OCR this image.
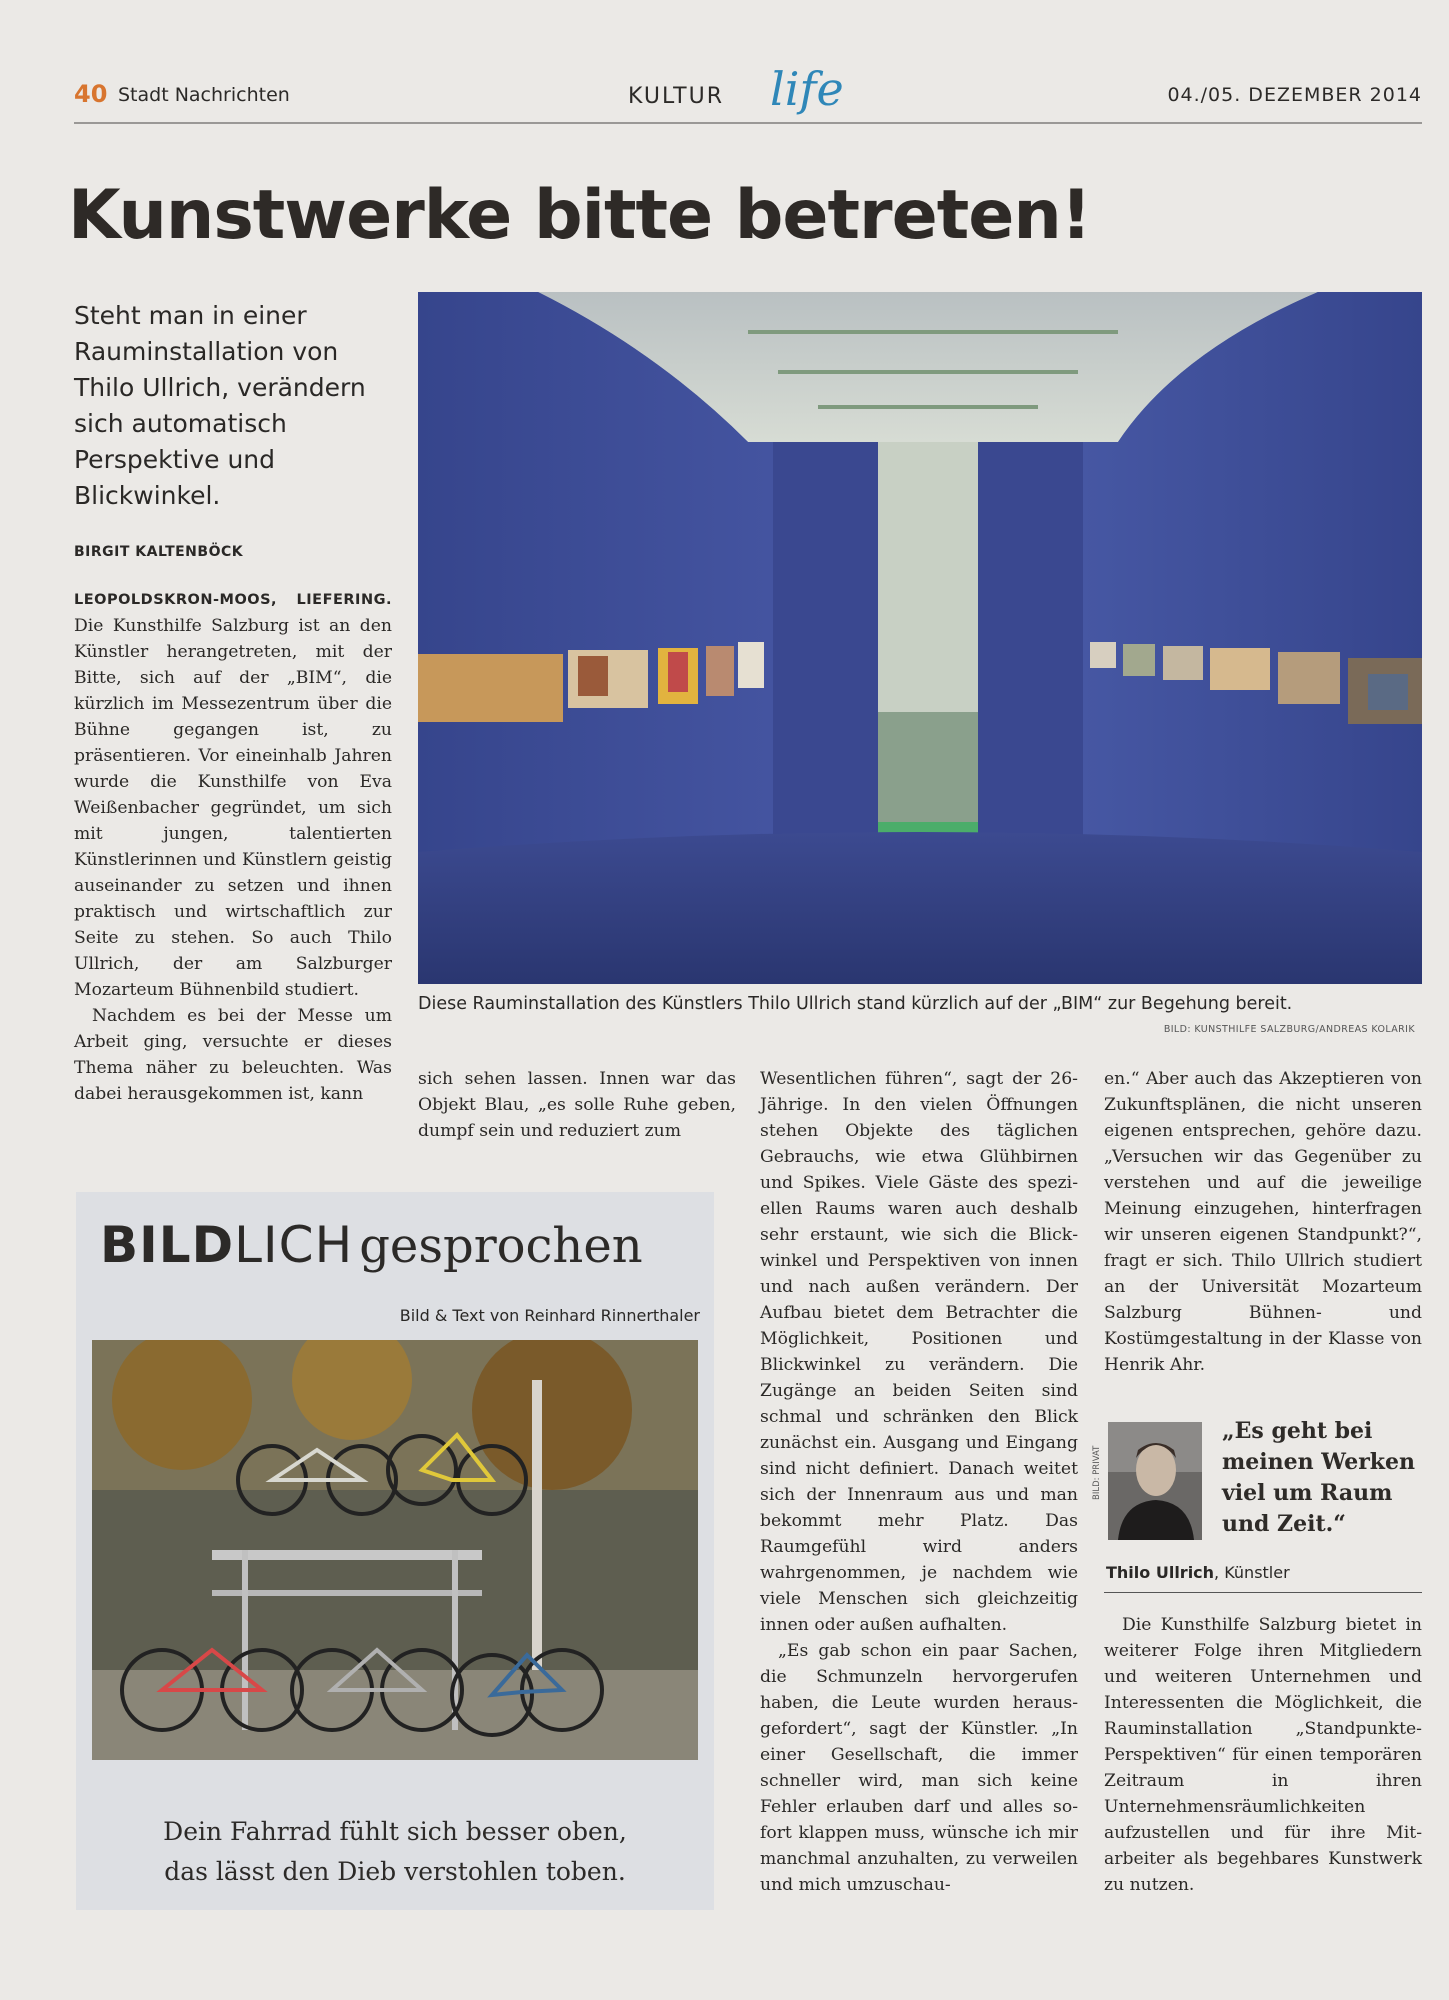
40 Stadt Nachrichten	KULTUR life	04./05. DEZEMBER 2014
Kunstwerke bitte betreten!
Steht man in einer Rauminstallation von Thilo Ullrich, verändern sich automatisch Perspektive und Blickwinkel.
BIRGIT KALTENBÖCK

LEOPOLDSKRON-MOOS, LIEFERING. Die Kunsthilfe Salzburg ist an den Künstler herangetreten, mit der Bitte, sich auf der „BIM“, die kürzlich im Messezentrum über die Bühne gegangen ist, zu präsentieren. Vor eineinhalb Jahren wurde die Kunsthilfe von Eva Weißenbacher gegründet, um sich mit jungen, talentierten Künstlerinnen und Künstlern geistig auseinander zu setzen und ihnen praktisch und wirtschaftlich zur Seite zu stehen. So auch Thilo Ullrich, der am Salzburger Mozarteum Bühnenbild studiert.

Nachdem es bei der Messe um Arbeit ging, versuchte er dieses Thema näher zu beleuchten. Was dabei herausgekommen ist, kann

Diese Rauminstallation des Künstlers Thilo Ullrich stand kürzlich auf der „BIM“ zur Begehung bereit.
BILD: KUNSTHILFE SALZBURG/ANDREAS KOLARIK

sich sehen lassen. Innen war das Objekt Blau, „es solle Ruhe geben, dumpf sein und reduziert zum

Wesentlichen führen“, sagt der 26-Jährige. In den vielen Öffnungen stehen Objekte des täglichen Gebrauchs, wie etwa Glühbirnen und Spikes. Viele Gäste des speziellen Raums waren auch deshalb sehr erstaunt, wie sich die Blickwinkel und Perspektiven von innen und nach außen verändern. Der Aufbau bietet dem Betrachter die Möglichkeit, Positionen und Blickwinkel zu verändern. Die Zugänge an beiden Seiten sind schmal und schränken den Blick zunächst ein. Ausgang und Eingang sind nicht definiert. Danach weitet sich der Innenraum aus und man bekommt mehr Platz. Das Raumgefühl wird anders wahrgenommen, je nachdem wie viele Menschen sich gleichzeitig innen oder außen aufhalten.

„Es gab schon ein paar Sachen, die Schmunzeln hervorgerufen haben, die Leute wurden herausgefordert“, sagt der Künstler. „In einer Gesellschaft, die immer schneller wird, man sich keine Fehler erlauben darf und alles sofort klappen muss, wünsche ich mir manchmal anzuhalten, zu verweilen und mich umzuschau-

en.“ Aber auch das Akzeptieren von Zukunftsplänen, die nicht unseren eigenen entsprechen, gehöre dazu. „Versuchen wir das Gegenüber zu verstehen und auf die jeweilige Meinung einzugehen, hinterfragen wir unseren eigenen Standpunkt?“, fragt er sich. Thilo Ullrich studiert an der Universität Mozarteum Salzburg Bühnen- und Kostümgestaltung in der Klasse von Henrik Ahr.

Die Kunsthilfe Salzburg bietet in weiterer Folge ihren Mitgliedern und weiteren Unternehmen und Interessenten die Möglichkeit, die Rauminstallation „Standpunkte-Perspektiven“ für einen temporären Zeitraum in ihren Unternehmensräumlichkeiten aufzustellen und für ihre Mitarbeiter als begehbares Kunstwerk zu nutzen.

BILD: PRIVAT
„Es geht bei meinen Werken viel um Raum und Zeit.“
Thilo Ullrich, Künstler
BILDLICH gesprochen
Bild & Text von Reinhard Rinnerthaler
Dein Fahrrad fühlt sich besser oben,
das lässt den Dieb verstohlen toben.
